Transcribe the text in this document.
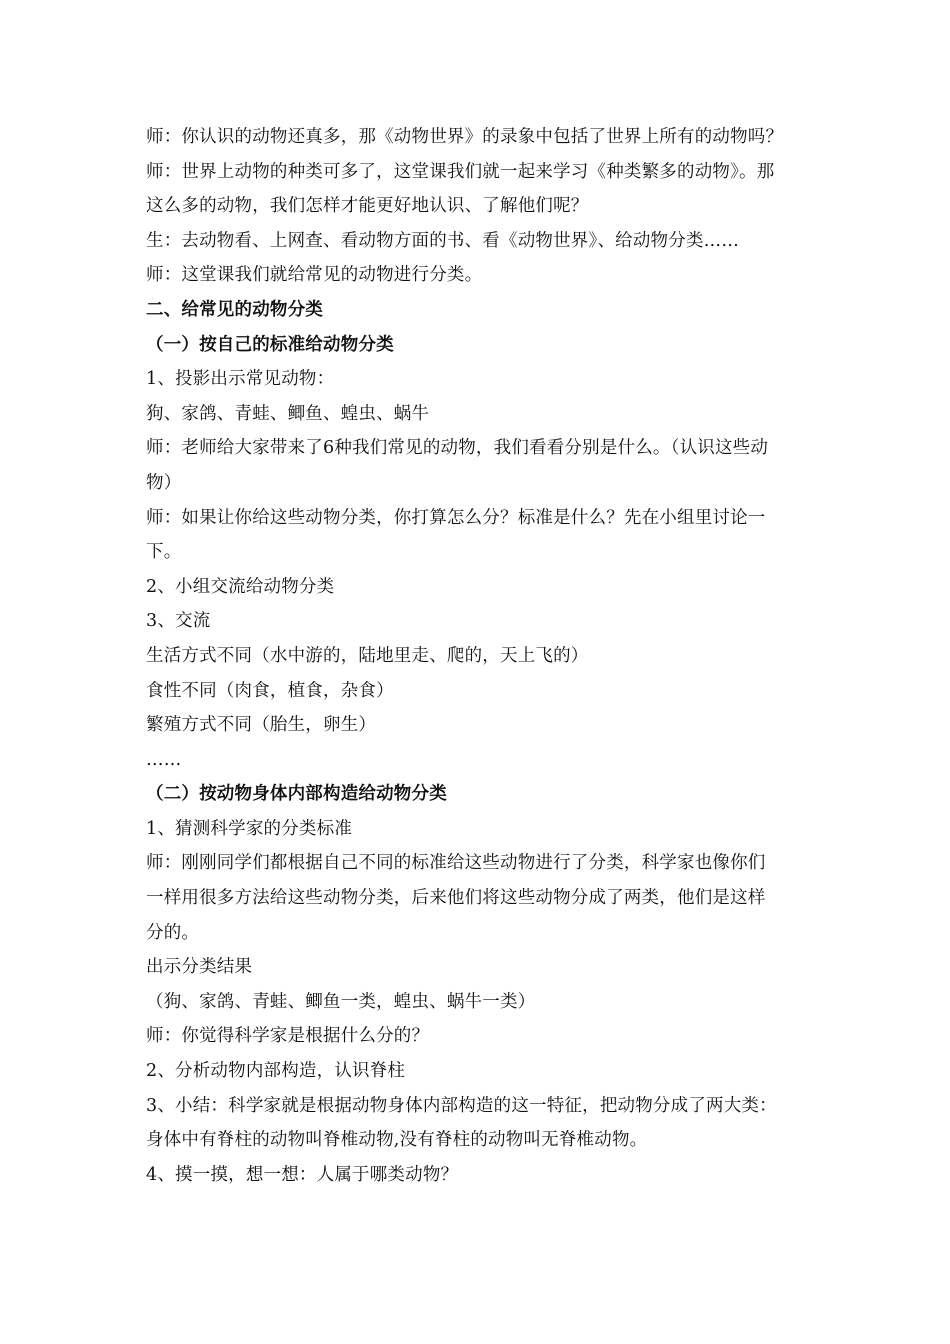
师：你认识的动物还真多，那《动物世界》的录象中包括了世界上所有的动物吗？
师：世界上动物的种类可多了，这堂课我们就一起来学习《种类繁多的动物》。那
这么多的动物，我们怎样才能更好地认识、了解他们呢？
生：去动物看、上网查、看动物方面的书、看《动物世界》、给动物分类……
师：这堂课我们就给常见的动物进行分类。
二、给常见的动物分类
（一）按自己的标准给动物分类
1、投影出示常见动物：
狗、家鸽、青蛙、鲫鱼、蝗虫、蜗牛
师：老师给大家带来了6种我们常见的动物，我们看看分别是什么。（认识这些动
物）
师：如果让你给这些动物分类，你打算怎么分？标准是什么？先在小组里讨论一
下。
2、小组交流给动物分类
3、交流
生活方式不同（水中游的，陆地里走、爬的，天上飞的）
食性不同（肉食，植食，杂食）
繁殖方式不同（胎生，卵生）
……
（二）按动物身体内部构造给动物分类
1、猜测科学家的分类标准
师：刚刚同学们都根据自己不同的标准给这些动物进行了分类，科学家也像你们
一样用很多方法给这些动物分类，后来他们将这些动物分成了两类，他们是这样
分的。
出示分类结果
（狗、家鸽、青蛙、鲫鱼一类，蝗虫、蜗牛一类）
师：你觉得科学家是根据什么分的？
2、分析动物内部构造，认识脊柱
3、小结：科学家就是根据动物身体内部构造的这一特征，把动物分成了两大类：
身体中有脊柱的动物叫脊椎动物,没有脊柱的动物叫无脊椎动物。
4、摸一摸，想一想：人属于哪类动物？
